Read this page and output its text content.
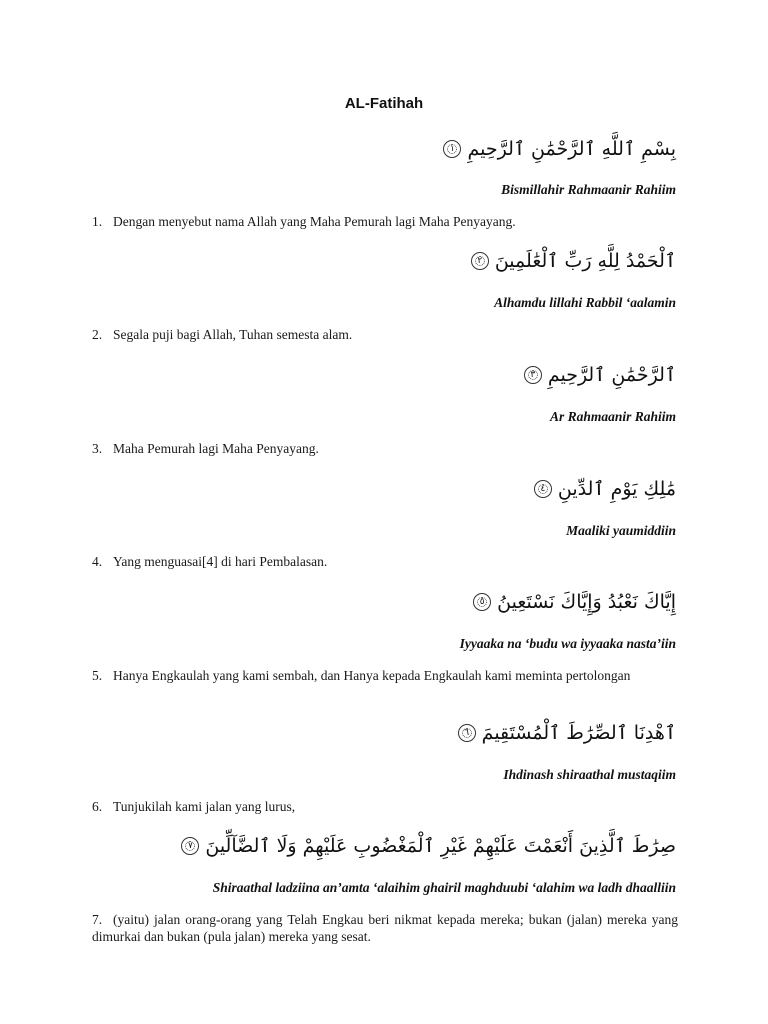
AL-Fatihah
بِسْمِ ٱللَّهِ ٱلرَّحْمَٰنِ ٱلرَّحِيمِ
١
Bismillahir Rahmaanir Rahiim
1. Dengan menyebut nama Allah yang Maha Pemurah lagi Maha Penyayang.
ٱلْحَمْدُ لِلَّهِ رَبِّ ٱلْعَٰلَمِينَ
٢
Alhamdu lillahi Rabbil ‘aalamin
2. Segala puji bagi Allah, Tuhan semesta alam.
ٱلرَّحْمَٰنِ ٱلرَّحِيمِ
٣
Ar Rahmaanir Rahiim
3. Maha Pemurah lagi Maha Penyayang.
مَٰلِكِ يَوْمِ ٱلدِّينِ
٤
Maaliki yaumiddiin
4. Yang menguasai[4] di hari Pembalasan.
إِيَّاكَ نَعْبُدُ وَإِيَّاكَ نَسْتَعِينُ
٥
Iyyaaka na ‘budu wa iyyaaka nasta’iin
5. Hanya Engkaulah yang kami sembah, dan Hanya kepada Engkaulah kami meminta pertolongan
ٱهْدِنَا ٱلصِّرَٰطَ ٱلْمُسْتَقِيمَ
٦
Ihdinash shiraathal mustaqiim
6. Tunjukilah kami jalan yang lurus,
صِرَٰطَ ٱلَّذِينَ أَنْعَمْتَ عَلَيْهِمْ غَيْرِ ٱلْمَغْضُوبِ عَلَيْهِمْ وَلَا ٱلضَّآلِّينَ
٧
Shiraathal ladziina an’amta ‘alaihim ghairil maghduubi ‘alahim wa ladh dhaalliin
7. (yaitu) jalan orang-orang yang Telah Engkau beri nikmat kepada mereka; bukan (jalan) mereka yang dimurkai dan bukan (pula jalan) mereka yang sesat.
